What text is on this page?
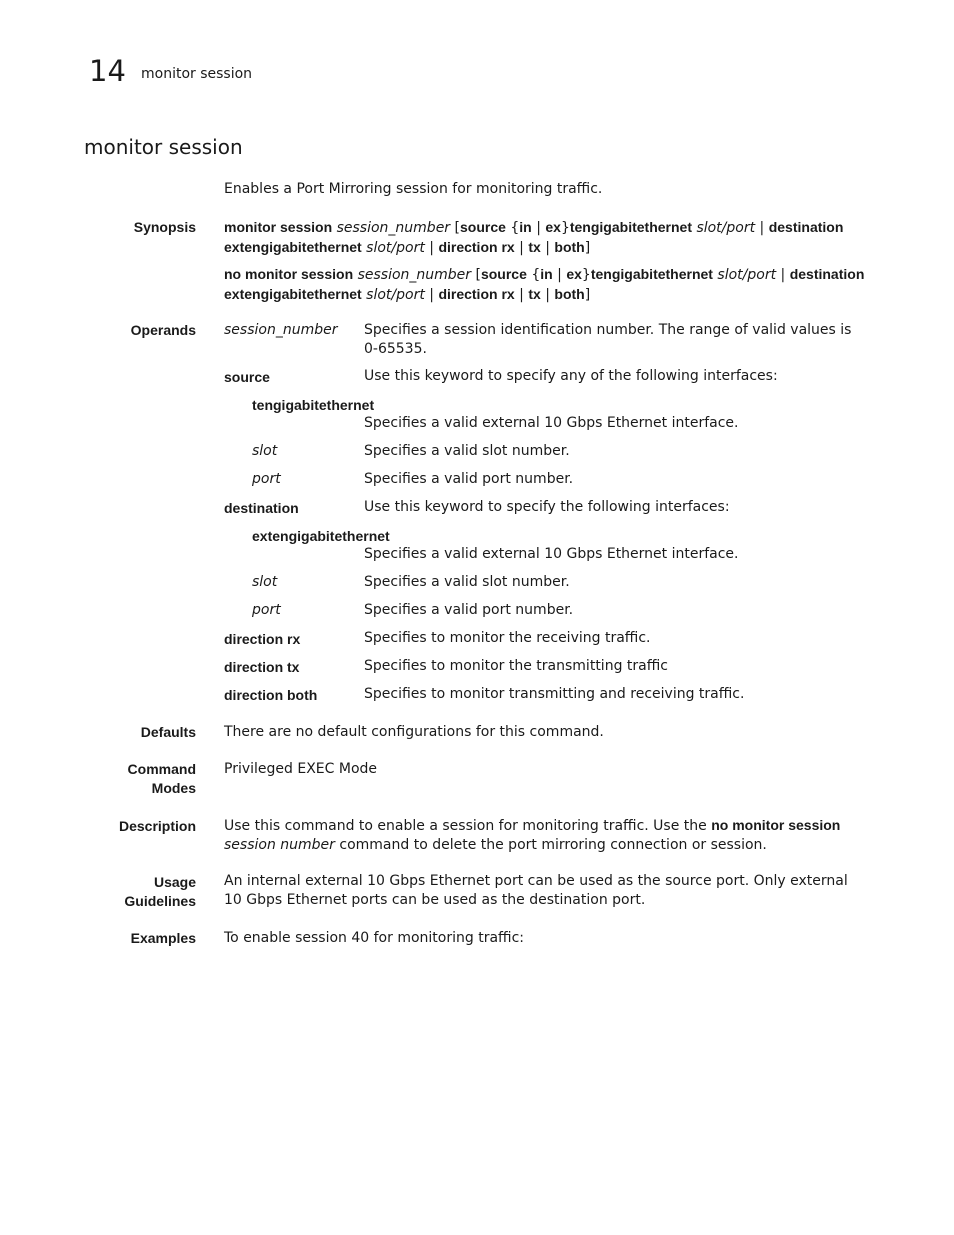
14 monitor session
monitor session
Enables a Port Mirroring session for monitoring traffic.
Synopsis monitor session session_number [source {in | ex}tengigabitethernet slot/port | destination
extengigabitethernet slot/port | direction rx | tx | both]
no monitor session session_number [source {in | ex}tengigabitethernet slot/port | destination
extengigabitethernet slot/port | direction rx | tx | both]
Operands session_number Specifies a session identification number. The range of valid values is 0-65535.
source	Use this keyword to specify any of the following interfaces:
tengigabitethernet
Specifies a valid external 10 Gbps Ethernet interface.
slot	Specifies a valid slot number.
port	Specifies a valid port number.
destination	Use this keyword to specify the following interfaces:
extengigabitethernet
Specifies a valid external 10 Gbps Ethernet interface.
slot	Specifies a valid slot number.
port	Specifies a valid port number.
direction rx	Specifies to monitor the receiving traffic.
direction tx	Specifies to monitor the transmitting traffic
direction both	Specifies to monitor transmitting and receiving traffic.
Defaults There are no default configurations for this command.
Command
Modes
Privileged EXEC Mode
Description Use this command to enable a session for monitoring traffic. Use the no monitor session session number command to delete the port mirroring connection or session.
Usage
Guidelines
An internal external 10 Gbps Ethernet port can be used as the source port. Only external 10 Gbps Ethernet ports can be used as the destination port.
Examples To enable session 40 for monitoring traffic:
